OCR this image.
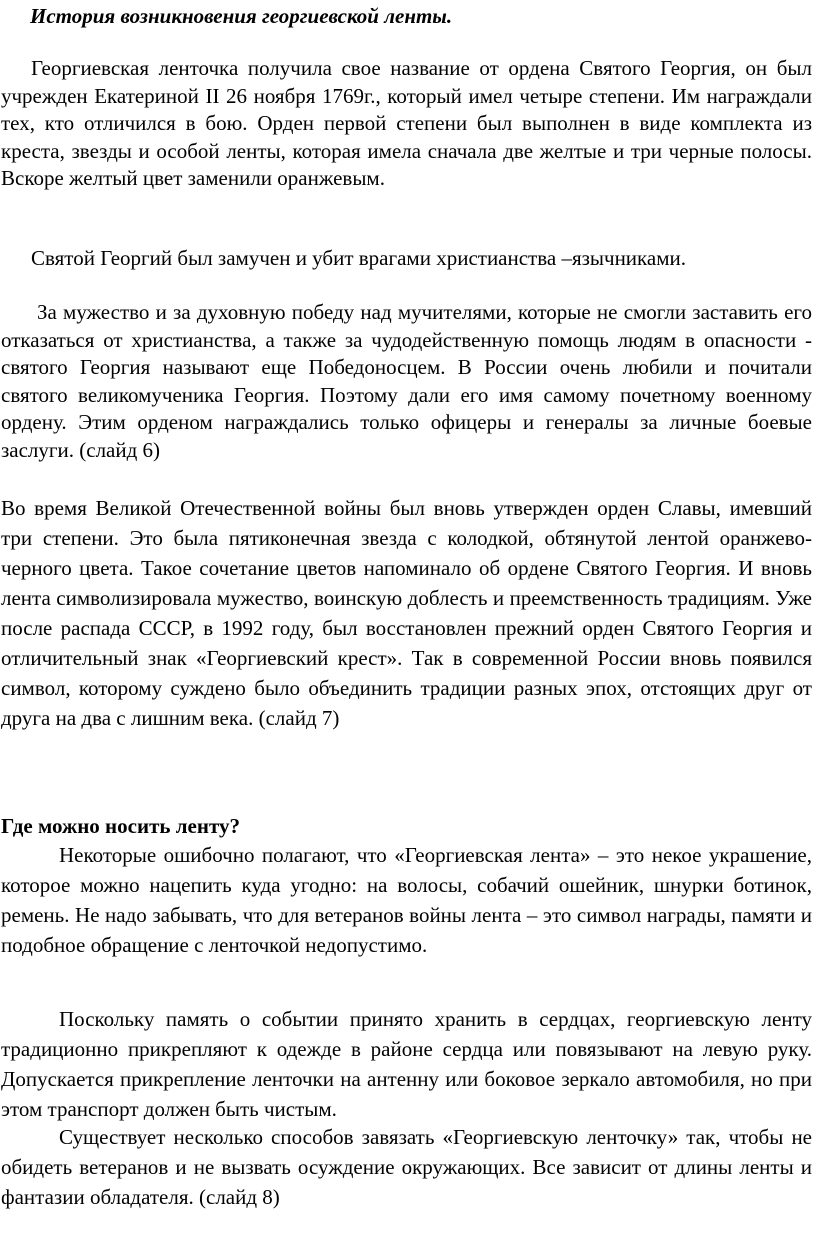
История возникновения георгиевской ленты.

Георгиевская ленточка получила свое название от ордена Святого Георгия, он был учрежден Екатериной II 26 ноября 1769г., который имел четыре степени. Им награждали тех, кто отличился в бою. Орден первой степени был выполнен в виде комплекта из креста, звезды и особой ленты, которая имела сначала две желтые и три черные полосы. Вскоре желтый цвет заменили оранжевым.

Святой Георгий был замучен и убит врагами христианства –язычниками.

За мужество и за духовную победу над мучителями, которые не смогли заставить его отказаться от христианства, а также за чудодейственную помощь людям в опасности - святого Георгия называют еще Победоносцем. В России очень любили и почитали святого великомученика Георгия. Поэтому дали его имя самому почетному военному ордену. Этим орденом награждались только офицеры и генералы за личные боевые заслуги. (слайд 6)

Во время Великой Отечественной войны был вновь утвержден орден Славы, имевший три степени. Это была пятиконечная звезда с колодкой, обтянутой лентой оранжево-черного цвета. Такое сочетание цветов напоминало об ордене Святого Георгия. И вновь лента символизировала мужество, воинскую доблесть и преемственность традициям. Уже после распада СССР, в 1992 году, был восстановлен прежний орден Святого Георгия и отличительный знак «Георгиевский крест». Так в современной России вновь появился символ, которому суждено было объединить традиции разных эпох, отстоящих друг от друга на два с лишним века. (слайд 7)

Где можно носить ленту?

Некоторые ошибочно полагают, что «Георгиевская лента» – это некое украшение, которое можно нацепить куда угодно: на волосы, собачий ошейник, шнурки ботинок, ремень. Не надо забывать, что для ветеранов войны лента – это символ награды, памяти и подобное обращение с ленточкой недопустимо.

Поскольку память о событии принято хранить в сердцах, георгиевскую ленту традиционно прикрепляют к одежде в районе сердца или повязывают на левую руку. Допускается прикрепление ленточки на антенну или боковое зеркало автомобиля, но при этом транспорт должен быть чистым.

Существует несколько способов завязать «Георгиевскую ленточку» так, чтобы не обидеть ветеранов и не вызвать осуждение окружающих. Все зависит от длины ленты и фантазии обладателя. (слайд 8)
